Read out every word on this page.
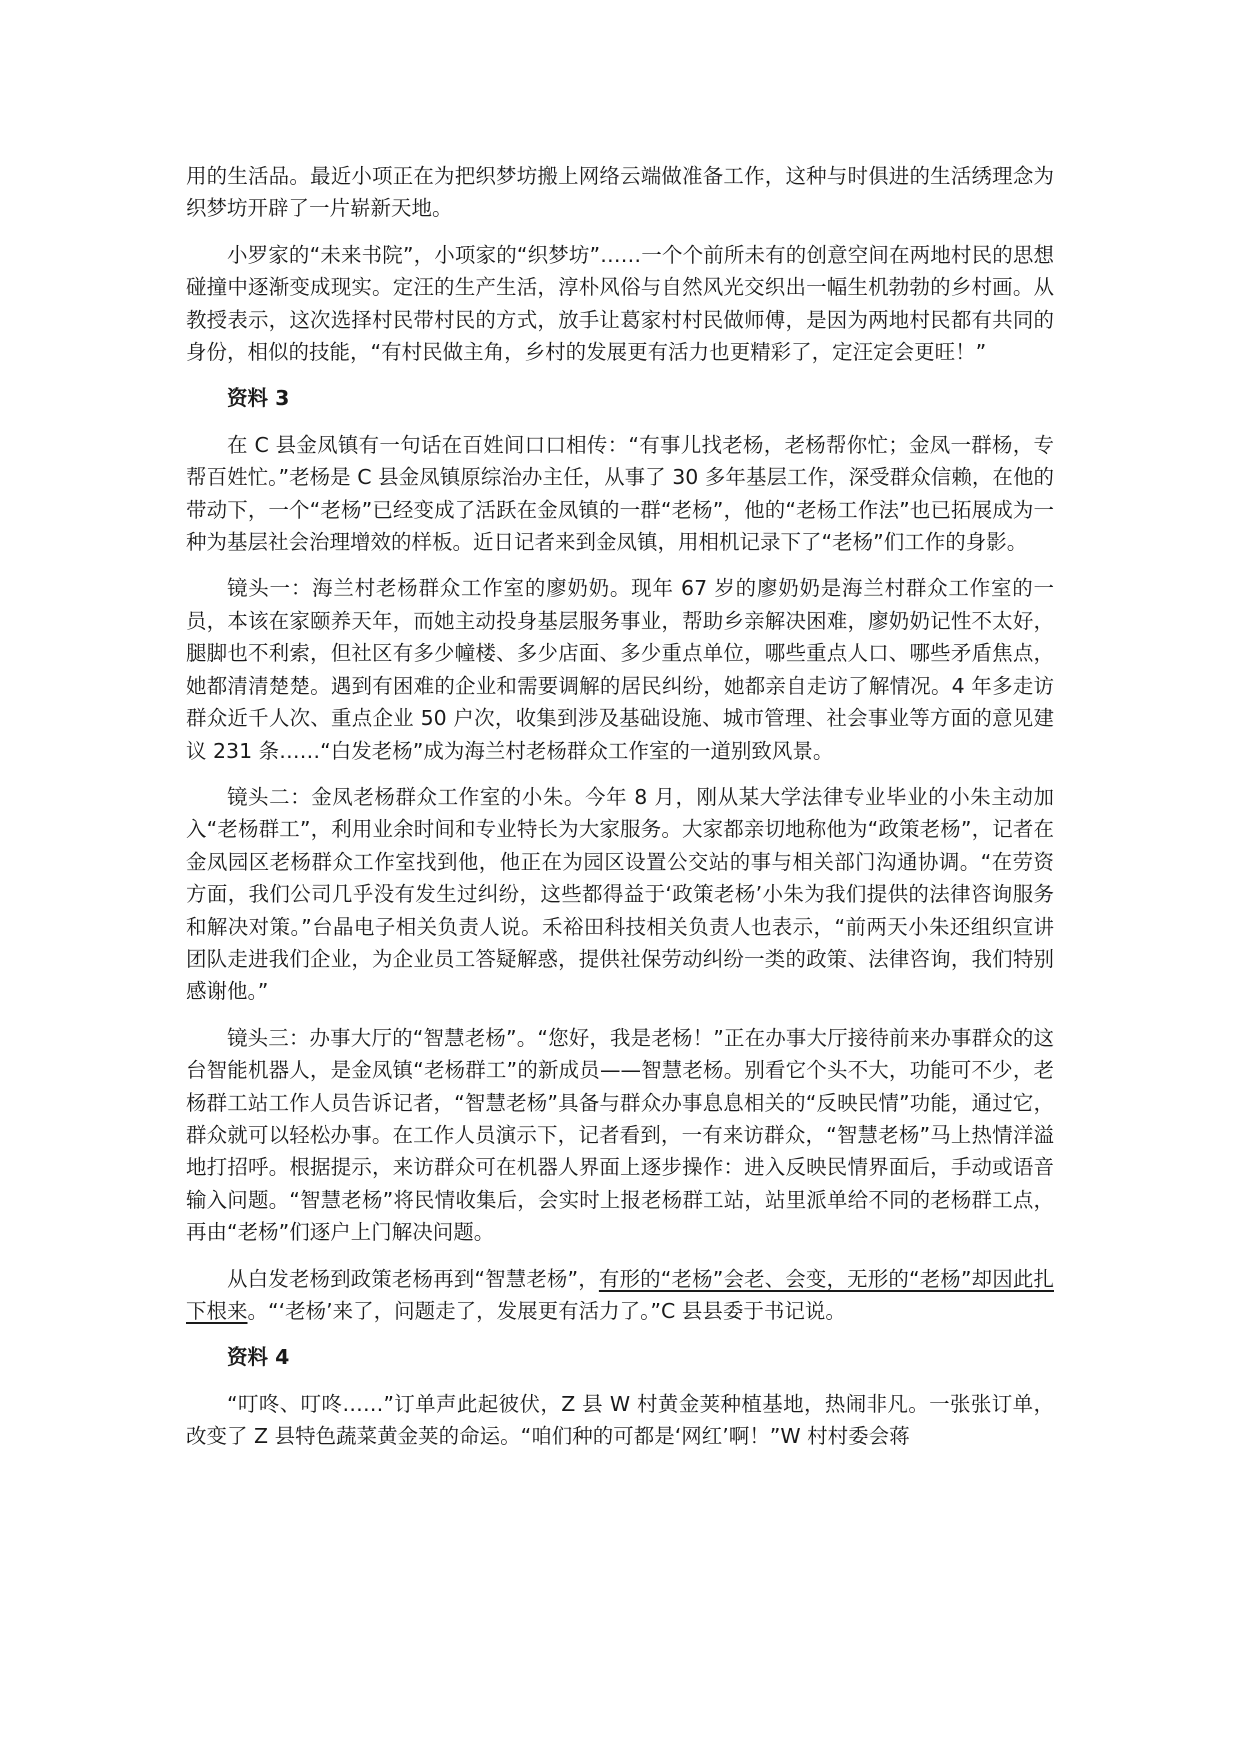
用的生活品。最近小项正在为把织梦坊搬上网络云端做准备工作，这种与时俱进的生活绣理念为织梦坊开辟了一片崭新天地。

小罗家的“未来书院”，小项家的“织梦坊”……一个个前所未有的创意空间在两地村民的思想碰撞中逐渐变成现实。定汪的生产生活，淳朴风俗与自然风光交织出一幅生机勃勃的乡村画。从教授表示，这次选择村民带村民的方式，放手让葛家村村民做师傅，是因为两地村民都有共同的身份，相似的技能，“有村民做主角，乡村的发展更有活力也更精彩了，定汪定会更旺！”

资料 3

在 C 县金凤镇有一句话在百姓间口口相传：“有事儿找老杨，老杨帮你忙；金凤一群杨，专帮百姓忙。”老杨是 C 县金凤镇原综治办主任，从事了 30 多年基层工作，深受群众信赖，在他的带动下，一个“老杨”已经变成了活跃在金凤镇的一群“老杨”，他的“老杨工作法”也已拓展成为一种为基层社会治理增效的样板。近日记者来到金凤镇，用相机记录下了“老杨”们工作的身影。

镜头一：海兰村老杨群众工作室的廖奶奶。现年 67 岁的廖奶奶是海兰村群众工作室的一员，本该在家颐养天年，而她主动投身基层服务事业，帮助乡亲解决困难，廖奶奶记性不太好，腿脚也不利索，但社区有多少幢楼、多少店面、多少重点单位，哪些重点人口、哪些矛盾焦点，她都清清楚楚。遇到有困难的企业和需要调解的居民纠纷，她都亲自走访了解情况。4 年多走访群众近千人次、重点企业 50 户次，收集到涉及基础设施、城市管理、社会事业等方面的意见建议 231 条……“白发老杨”成为海兰村老杨群众工作室的一道别致风景。

镜头二：金凤老杨群众工作室的小朱。今年 8 月，刚从某大学法律专业毕业的小朱主动加入“老杨群工”，利用业余时间和专业特长为大家服务。大家都亲切地称他为“政策老杨”，记者在金凤园区老杨群众工作室找到他，他正在为园区设置公交站的事与相关部门沟通协调。“在劳资方面，我们公司几乎没有发生过纠纷，这些都得益于‘政策老杨’小朱为我们提供的法律咨询服务和解决对策。”台晶电子相关负责人说。禾裕田科技相关负责人也表示，“前两天小朱还组织宣讲团队走进我们企业，为企业员工答疑解惑，提供社保劳动纠纷一类的政策、法律咨询，我们特别感谢他。”

镜头三：办事大厅的“智慧老杨”。“您好，我是老杨！”正在办事大厅接待前来办事群众的这台智能机器人，是金凤镇“老杨群工”的新成员——智慧老杨。别看它个头不大，功能可不少，老杨群工站工作人员告诉记者，“智慧老杨”具备与群众办事息息相关的“反映民情”功能，通过它，群众就可以轻松办事。在工作人员演示下，记者看到，一有来访群众，“智慧老杨”马上热情洋溢地打招呼。根据提示，来访群众可在机器人界面上逐步操作：进入反映民情界面后，手动或语音输入问题。“智慧老杨”将民情收集后，会实时上报老杨群工站，站里派单给不同的老杨群工点，再由“老杨”们逐户上门解决问题。

从白发老杨到政策老杨再到“智慧老杨”，有形的“老杨”会老、会变，无形的“老杨”却因此扎下根来。“‘老杨’来了，问题走了，发展更有活力了。”C 县县委于书记说。

资料 4

“叮咚、叮咚……”订单声此起彼伏，Z 县 W 村黄金荚种植基地，热闹非凡。一张张订单，改变了 Z 县特色蔬菜黄金荚的命运。“咱们种的可都是‘网红’啊！”W 村村委会蒋
